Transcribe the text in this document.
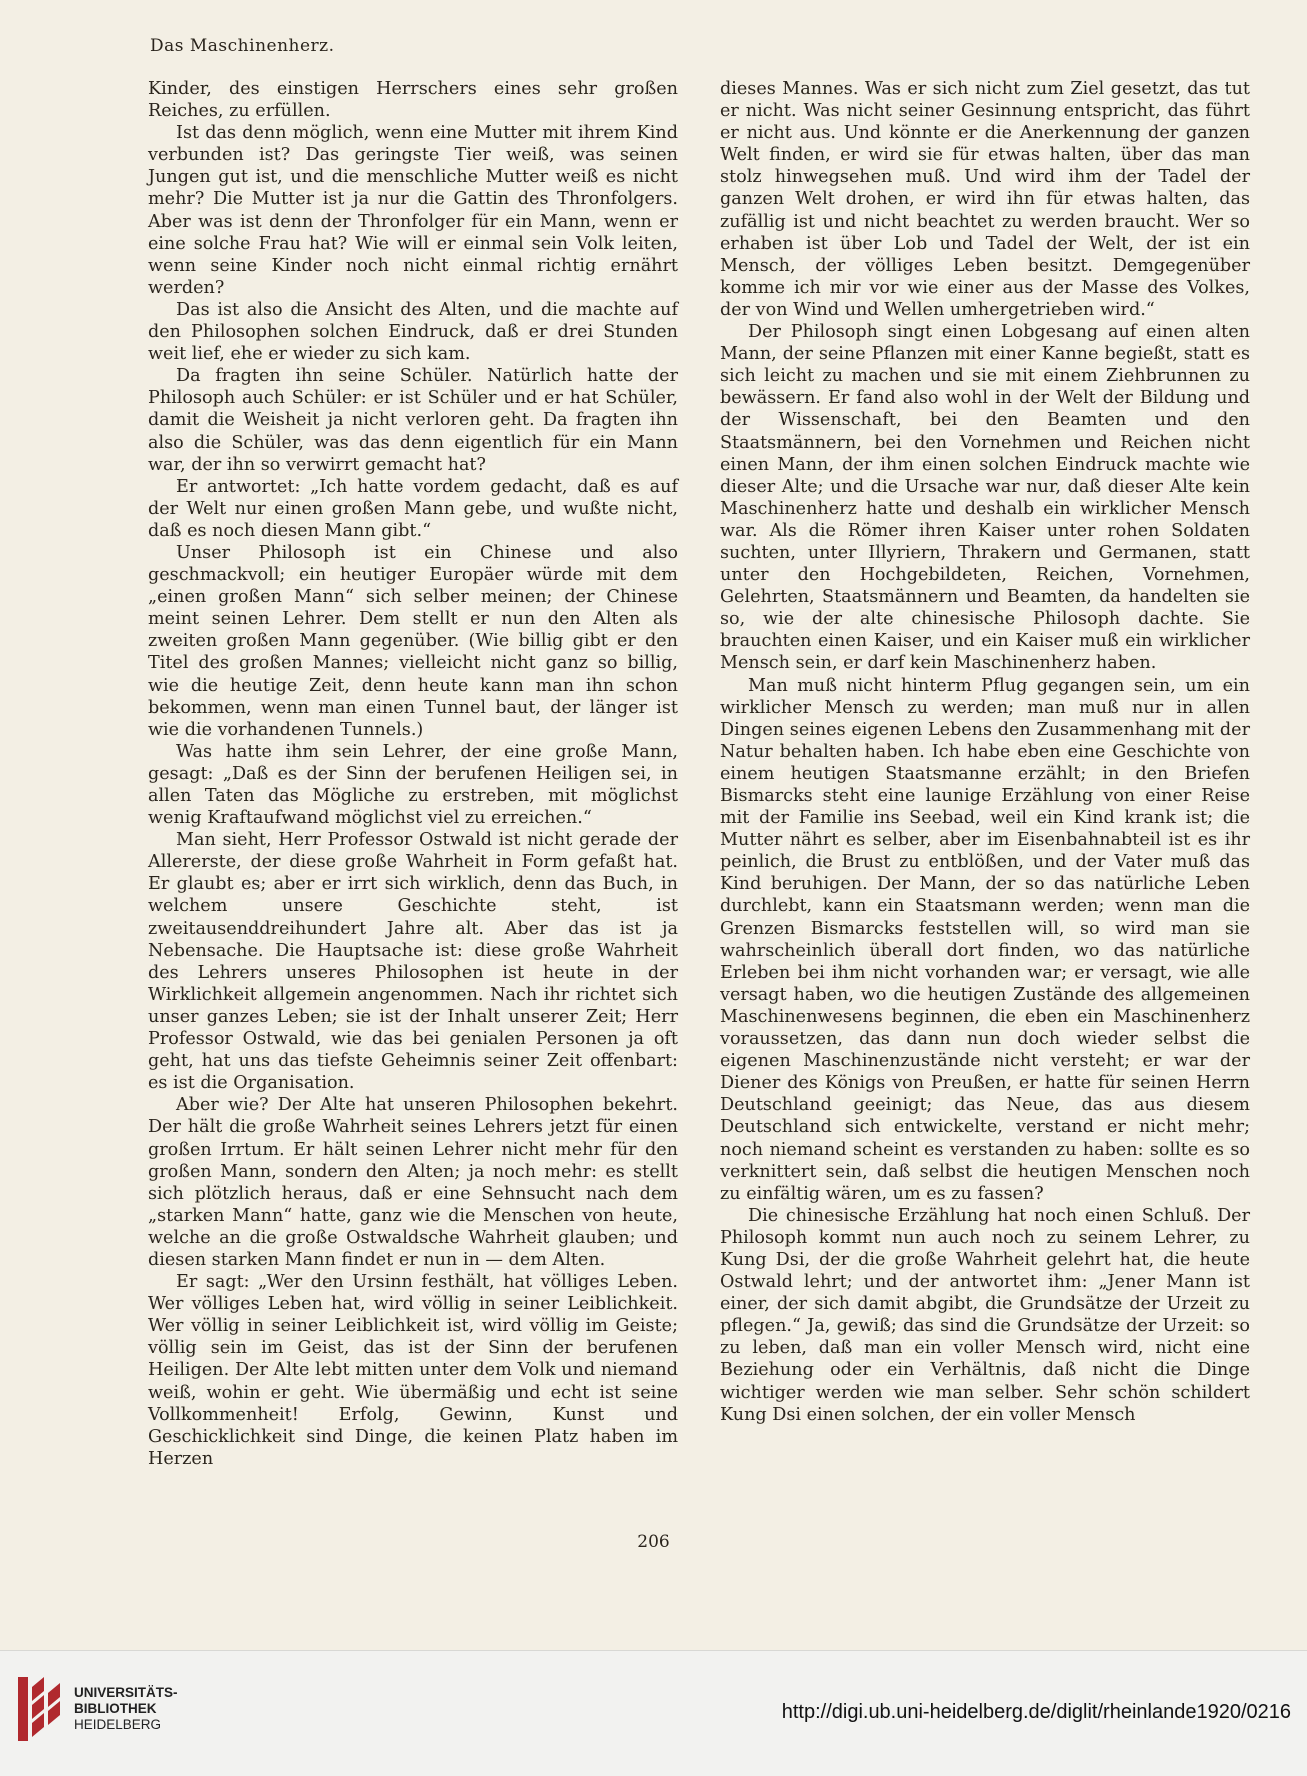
Das Maschinenherz.

Kinder, des einstigen Herrschers eines sehr großen Reiches, zu erfüllen.

Ist das denn möglich, wenn eine Mutter mit ihrem Kind verbunden ist? Das geringste Tier weiß, was seinen Jungen gut ist, und die menschliche Mutter weiß es nicht mehr? Die Mutter ist ja nur die Gattin des Thronfolgers. Aber was ist denn der Thronfolger für ein Mann, wenn er eine solche Frau hat? Wie will er einmal sein Volk leiten, wenn seine Kinder noch nicht einmal richtig ernährt werden?

Das ist also die Ansicht des Alten, und die machte auf den Philosophen solchen Eindruck, daß er drei Stunden weit lief, ehe er wieder zu sich kam.

Da fragten ihn seine Schüler. Natürlich hatte der Philosoph auch Schüler: er ist Schüler und er hat Schüler, damit die Weisheit ja nicht verloren geht. Da fragten ihn also die Schüler, was das denn eigentlich für ein Mann war, der ihn so verwirrt gemacht hat?

Er antwortet: „Ich hatte vordem gedacht, daß es auf der Welt nur einen großen Mann gebe, und wußte nicht, daß es noch diesen Mann gibt.“

Unser Philosoph ist ein Chinese und also geschmackvoll; ein heutiger Europäer würde mit dem „einen großen Mann“ sich selber meinen; der Chinese meint seinen Lehrer. Dem stellt er nun den Alten als zweiten großen Mann gegenüber. (Wie billig gibt er den Titel des großen Mannes; vielleicht nicht ganz so billig, wie die heutige Zeit, denn heute kann man ihn schon bekommen, wenn man einen Tunnel baut, der länger ist wie die vorhandenen Tunnels.)

Was hatte ihm sein Lehrer, der eine große Mann, gesagt: „Daß es der Sinn der berufenen Heiligen sei, in allen Taten das Mögliche zu erstreben, mit möglichst wenig Kraftaufwand möglichst viel zu erreichen.“

Man sieht, Herr Professor Ostwald ist nicht gerade der Allererste, der diese große Wahrheit in Form gefaßt hat. Er glaubt es; aber er irrt sich wirklich, denn das Buch, in welchem unsere Geschichte steht, ist zweitausenddreihundert Jahre alt. Aber das ist ja Nebensache. Die Hauptsache ist: diese große Wahrheit des Lehrers unseres Philosophen ist heute in der Wirklichkeit allgemein angenommen. Nach ihr richtet sich unser ganzes Leben; sie ist der Inhalt unserer Zeit; Herr Professor Ostwald, wie das bei genialen Personen ja oft geht, hat uns das tiefste Geheimnis seiner Zeit offenbart: es ist die Organisation.

Aber wie? Der Alte hat unseren Philosophen bekehrt. Der hält die große Wahrheit seines Lehrers jetzt für einen großen Irrtum. Er hält seinen Lehrer nicht mehr für den großen Mann, sondern den Alten; ja noch mehr: es stellt sich plötzlich heraus, daß er eine Sehnsucht nach dem „starken Mann“ hatte, ganz wie die Menschen von heute, welche an die große Ostwaldsche Wahrheit glauben; und diesen starken Mann findet er nun in — dem Alten.

Er sagt: „Wer den Ursinn festhält, hat völliges Leben. Wer völliges Leben hat, wird völlig in seiner Leiblichkeit. Wer völlig in seiner Leiblichkeit ist, wird völlig im Geiste; völlig sein im Geist, das ist der Sinn der berufenen Heiligen. Der Alte lebt mitten unter dem Volk und niemand weiß, wohin er geht. Wie übermäßig und echt ist seine Vollkommenheit! Erfolg, Gewinn, Kunst und Geschicklichkeit sind Dinge, die keinen Platz haben im Herzen

dieses Mannes. Was er sich nicht zum Ziel gesetzt, das tut er nicht. Was nicht seiner Gesinnung entspricht, das führt er nicht aus. Und könnte er die Anerkennung der ganzen Welt finden, er wird sie für etwas halten, über das man stolz hinwegsehen muß. Und wird ihm der Tadel der ganzen Welt drohen, er wird ihn für etwas halten, das zufällig ist und nicht beachtet zu werden braucht. Wer so erhaben ist über Lob und Tadel der Welt, der ist ein Mensch, der völliges Leben besitzt. Demgegenüber komme ich mir vor wie einer aus der Masse des Volkes, der von Wind und Wellen umhergetrieben wird.“

Der Philosoph singt einen Lobgesang auf einen alten Mann, der seine Pflanzen mit einer Kanne begießt, statt es sich leicht zu machen und sie mit einem Ziehbrunnen zu bewässern. Er fand also wohl in der Welt der Bildung und der Wissenschaft, bei den Beamten und den Staatsmännern, bei den Vornehmen und Reichen nicht einen Mann, der ihm einen solchen Eindruck machte wie dieser Alte; und die Ursache war nur, daß dieser Alte kein Maschinenherz hatte und deshalb ein wirklicher Mensch war. Als die Römer ihren Kaiser unter rohen Soldaten suchten, unter Illyriern, Thrakern und Germanen, statt unter den Hochgebildeten, Reichen, Vornehmen, Gelehrten, Staatsmännern und Beamten, da handelten sie so, wie der alte chinesische Philosoph dachte. Sie brauchten einen Kaiser, und ein Kaiser muß ein wirklicher Mensch sein, er darf kein Maschinenherz haben.

Man muß nicht hinterm Pflug gegangen sein, um ein wirklicher Mensch zu werden; man muß nur in allen Dingen seines eigenen Lebens den Zusammenhang mit der Natur behalten haben. Ich habe eben eine Geschichte von einem heutigen Staatsmanne erzählt; in den Briefen Bismarcks steht eine launige Erzählung von einer Reise mit der Familie ins Seebad, weil ein Kind krank ist; die Mutter nährt es selber, aber im Eisenbahnabteil ist es ihr peinlich, die Brust zu entblößen, und der Vater muß das Kind beruhigen. Der Mann, der so das natürliche Leben durchlebt, kann ein Staatsmann werden; wenn man die Grenzen Bismarcks feststellen will, so wird man sie wahrscheinlich überall dort finden, wo das natürliche Erleben bei ihm nicht vorhanden war; er versagt, wie alle versagt haben, wo die heutigen Zustände des allgemeinen Maschinenwesens beginnen, die eben ein Maschinenherz voraussetzen, das dann nun doch wieder selbst die eigenen Maschinenzustände nicht versteht; er war der Diener des Königs von Preußen, er hatte für seinen Herrn Deutschland geeinigt; das Neue, das aus diesem Deutschland sich entwickelte, verstand er nicht mehr; noch niemand scheint es verstanden zu haben: sollte es so verknittert sein, daß selbst die heutigen Menschen noch zu einfältig wären, um es zu fassen?

Die chinesische Erzählung hat noch einen Schluß. Der Philosoph kommt nun auch noch zu seinem Lehrer, zu Kung Dsi, der die große Wahrheit gelehrt hat, die heute Ostwald lehrt; und der antwortet ihm: „Jener Mann ist einer, der sich damit abgibt, die Grundsätze der Urzeit zu pflegen.“ Ja, gewiß; das sind die Grundsätze der Urzeit: so zu leben, daß man ein voller Mensch wird, nicht eine Beziehung oder ein Verhältnis, daß nicht die Dinge wichtiger werden wie man selber. Sehr schön schildert Kung Dsi einen solchen, der ein voller Mensch

206
UNIVERSITÄTS-
BIBLIOTHEK
HEIDELBERG
http://digi.ub.uni-heidelberg.de/diglit/rheinlande1920/0216
